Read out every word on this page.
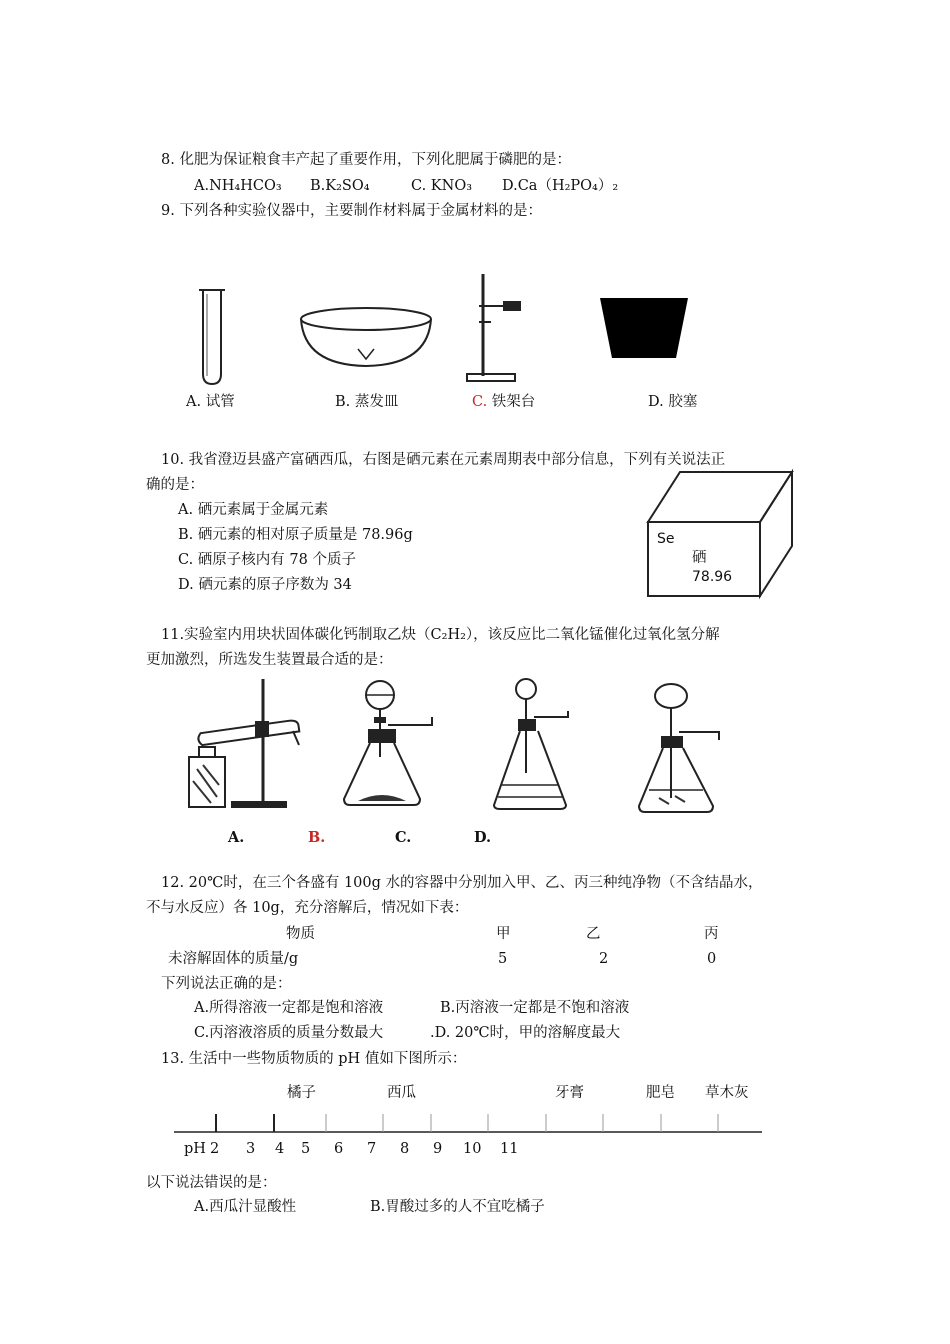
8. 化肥为保证粮食丰产起了重要作用，下列化肥属于磷肥的是：
A.NH₄HCO₃ B.K₂SO₄	C. KNO₃ D.Ca（H₂PO₄）₂
9. 下列各种实验仪器中，主要制作材料属于金属材料的是：
A. 试管	B. 蒸发皿	C. 铁架台	D. 胶塞
10. 我省澄迈县盛产富硒西瓜，右图是硒元素在元素周期表中部分信息，下列有关说法正
确的是：
A. 硒元素属于金属元素
B. 硒元素的相对原子质量是 78.96g
C. 硒原子核内有 78 个质子
D. 硒元素的原子序数为 34
Se
硒
78.96
11.实验室内用块状固体碳化钙制取乙炔（C₂H₂），该反应比二氧化锰催化过氧化氢分解
更加激烈，所选发生装置最合适的是：
A.	B.	C.	D.
12. 20℃时，在三个各盛有 100g 水的容器中分别加入甲、乙、丙三种纯净物（不含结晶水，
不与水反应）各 10g，充分溶解后，情况如下表：
物质	甲	乙	丙
未溶解固体的质量/g	5	2	0
下列说法正确的是：
A.所得溶液一定都是饱和溶液	B.丙溶液一定都是不饱和溶液
C.丙溶液溶质的质量分数最大	.D. 20℃时，甲的溶解度最大
13. 生活中一些物质物质的 pH 值如下图所示：
橘子	西瓜	牙膏	肥皂 草木灰
pH 2 3 4 5 6 7 8 9 10 11
以下说法错误的是：
A.西瓜汁显酸性	B.胃酸过多的人不宜吃橘子
